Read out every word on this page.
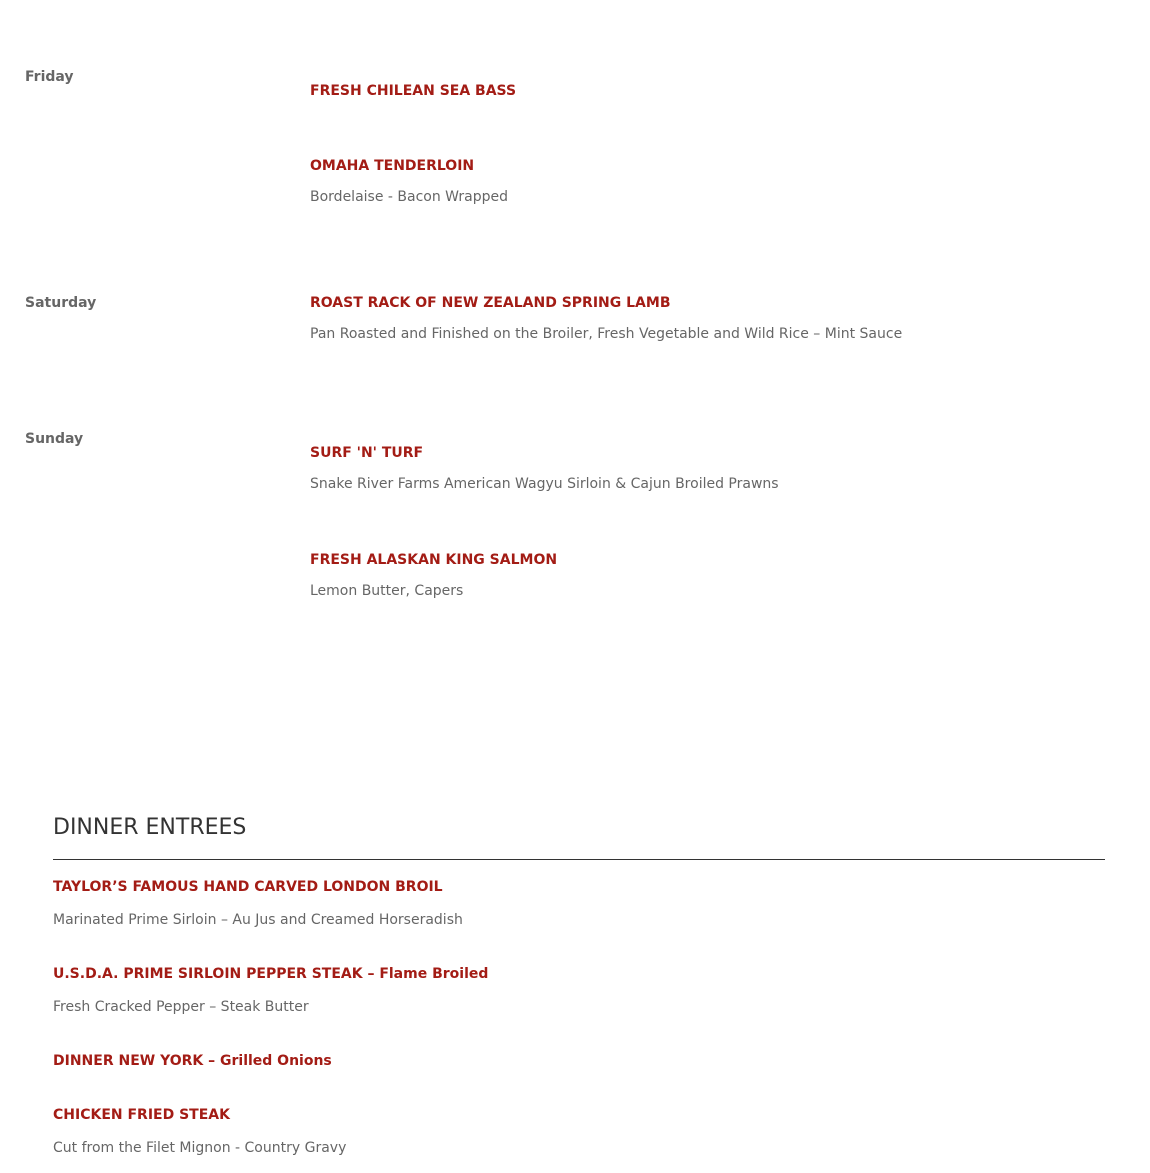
Friday
FRESH CHILEAN SEA BASS
OMAHA TENDERLOIN
Bordelaise - Bacon Wrapped
Saturday	ROAST RACK OF NEW ZEALAND SPRING LAMB
Pan Roasted and Finished on the Broiler, Fresh Vegetable and Wild Rice – Mint Sauce
Sunday
SURF 'N' TURF
Snake River Farms American Wagyu Sirloin & Cajun Broiled Prawns
FRESH ALASKAN KING SALMON
Lemon Butter, Capers
DINNER ENTREES
TAYLOR’S FAMOUS HAND CARVED LONDON BROIL
Marinated Prime Sirloin – Au Jus and Creamed Horseradish
U.S.D.A. PRIME SIRLOIN PEPPER STEAK – Flame Broiled
Fresh Cracked Pepper – Steak Butter
DINNER NEW YORK – Grilled Onions
CHICKEN FRIED STEAK
Cut from the Filet Mignon - Country Gravy
